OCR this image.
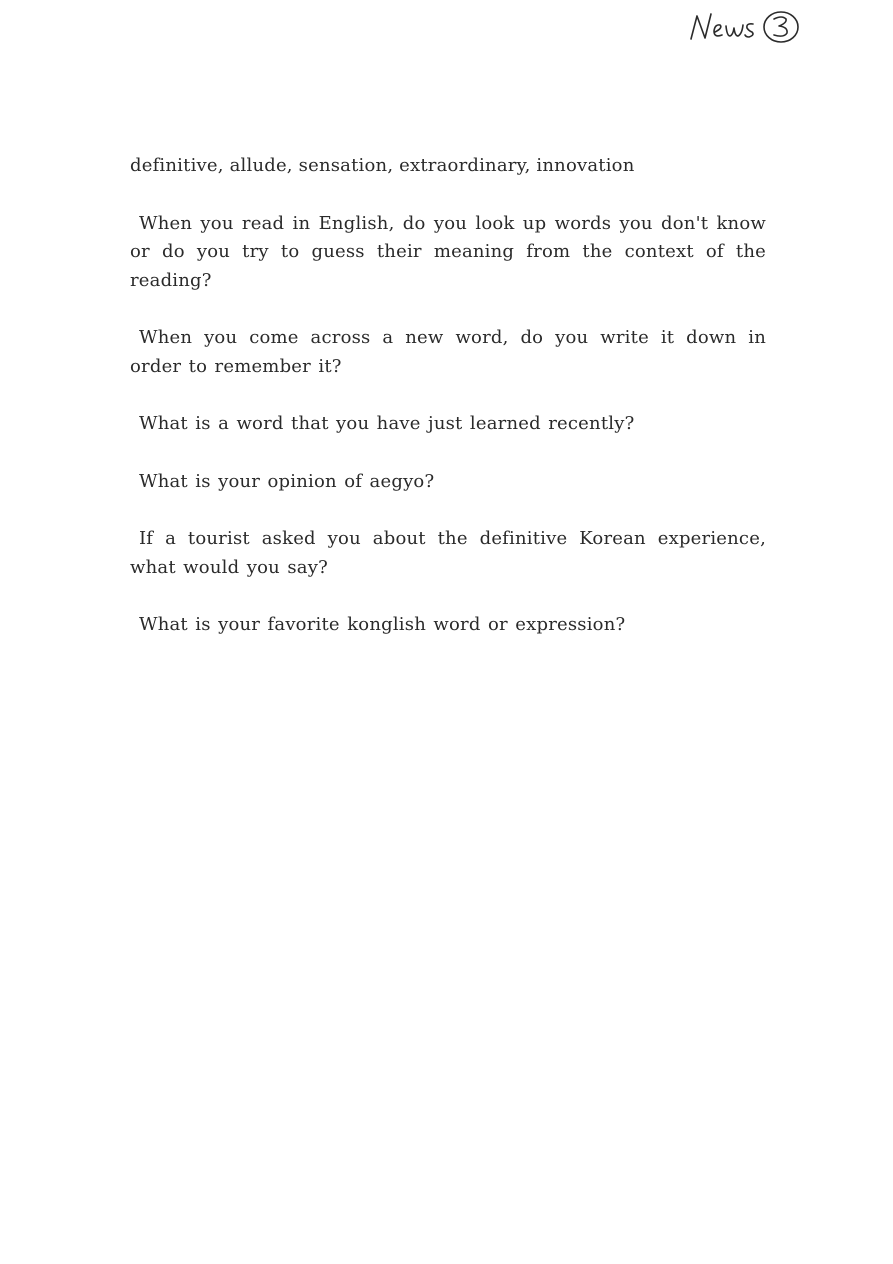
definitive, allude, sensation, extraordinary, innovation

When you read in English, do you look up words you don't know or do you try to guess their meaning from the context of the reading?

When you come across a new word, do you write it down in order to remember it?

What is a word that you have just learned recently?

What is your opinion of aegyo?

If a tourist asked you about the definitive Korean experience, what would you say?

What is your favorite konglish word or expression?
